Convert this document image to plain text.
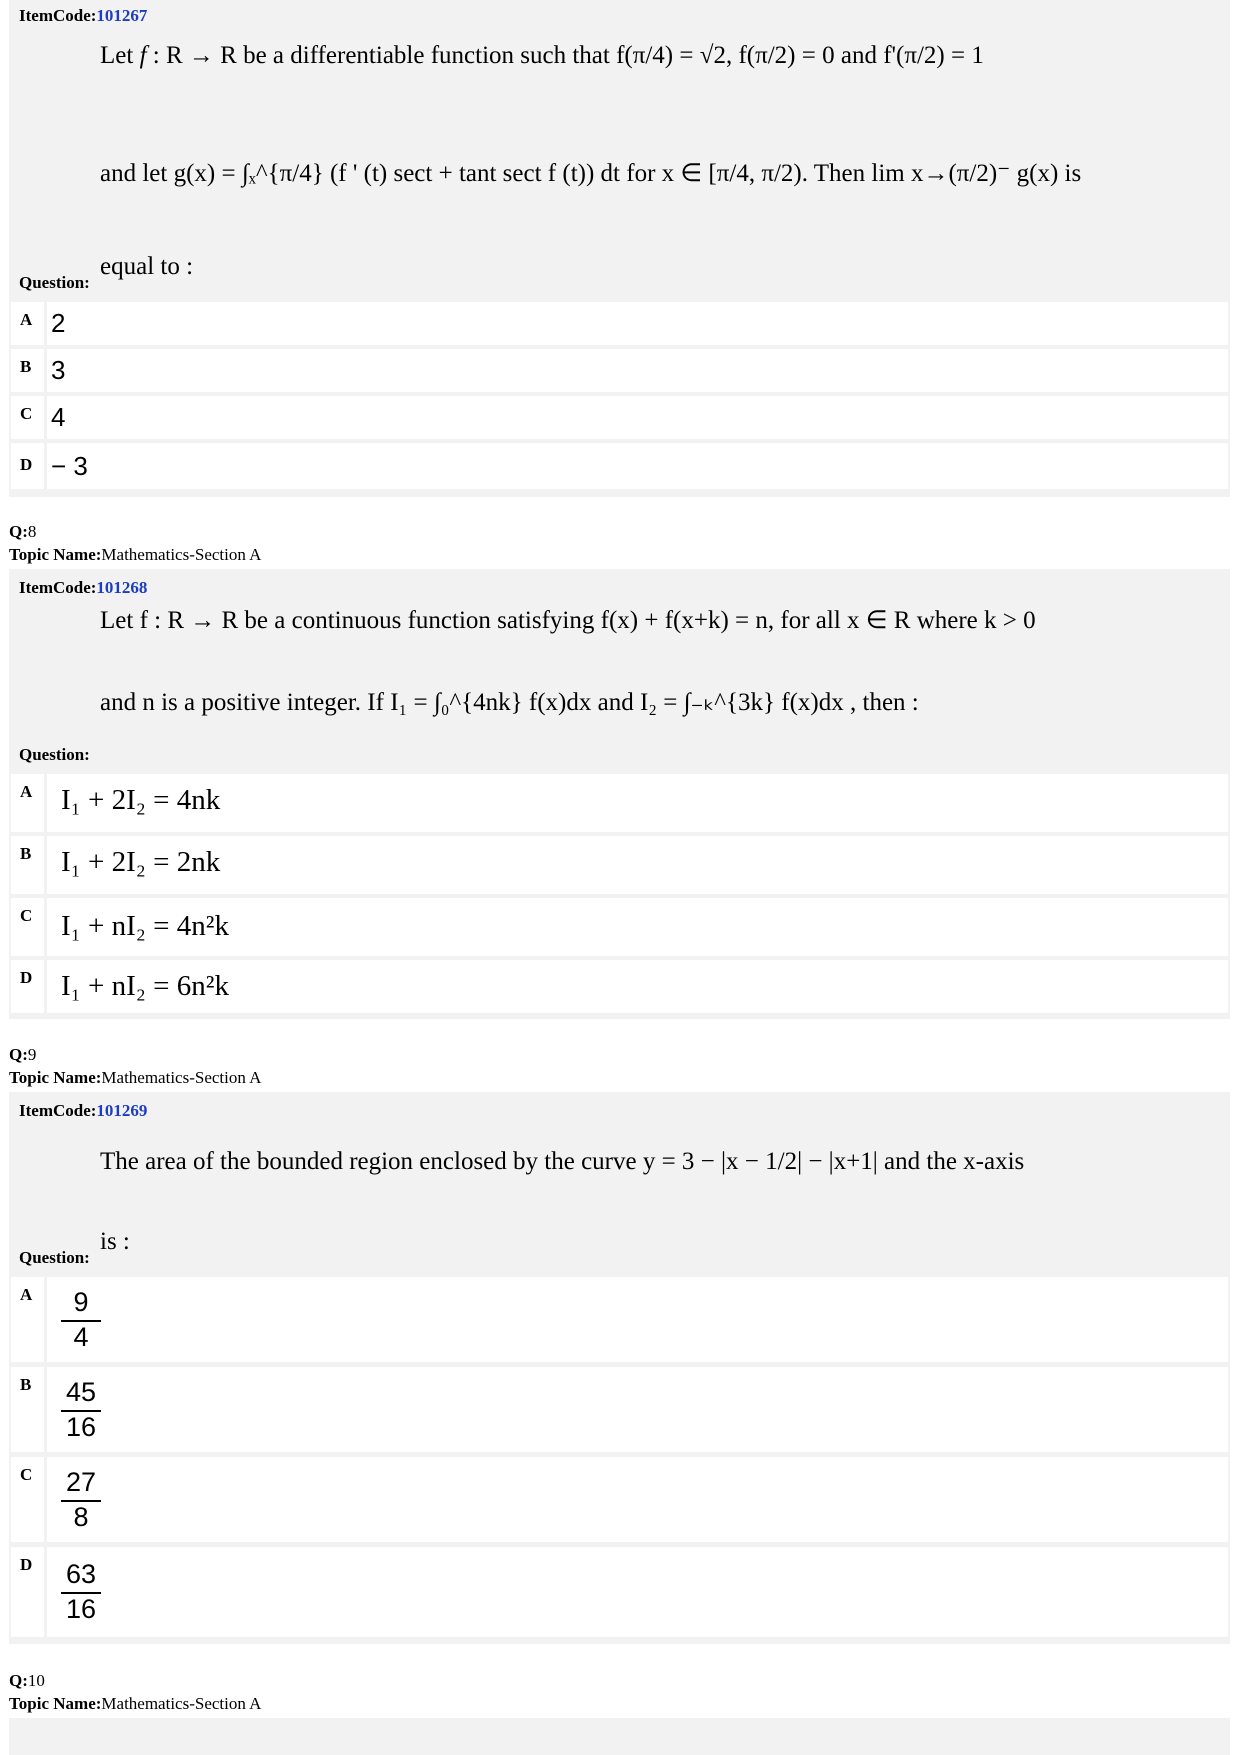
ItemCode:101267
Let f : R → R be a differentiable function such that f(π/4) = √2, f(π/2) = 0 and f'(π/2) = 1
and let g(x) = ∫ₓ^{π/4} (f ' (t) sect + tant sect f (t)) dt for x ∈ [π/4, π/2). Then lim x→(π/2)⁻ g(x) is
equal to :
Question:
A 2
B 3
C 4
D − 3
Q:8
Topic Name:Mathematics-Section A
ItemCode:101268
Let f : R → R be a continuous function satisfying f(x) + f(x+k) = n, for all x ∈ R where k > 0
and n is a positive integer. If I₁ = ∫₀^{4nk} f(x)dx and I₂ = ∫₋ₖ^{3k} f(x)dx , then :
Question:
A I₁ + 2I₂ = 4nk
B I₁ + 2I₂ = 2nk
C I₁ + nI₂ = 4n²k
D I₁ + nI₂ = 6n²k
Q:9
Topic Name:Mathematics-Section A
ItemCode:101269
The area of the bounded region enclosed by the curve y = 3 − |x − 1/2| − |x+1| and the x-axis
is :
Question:
A $\frac{9}{4}$
B $\frac{45}{16}$
C $\frac{27}{8}$
D $\frac{63}{16}$
Q:10
Topic Name:Mathematics-Section A
